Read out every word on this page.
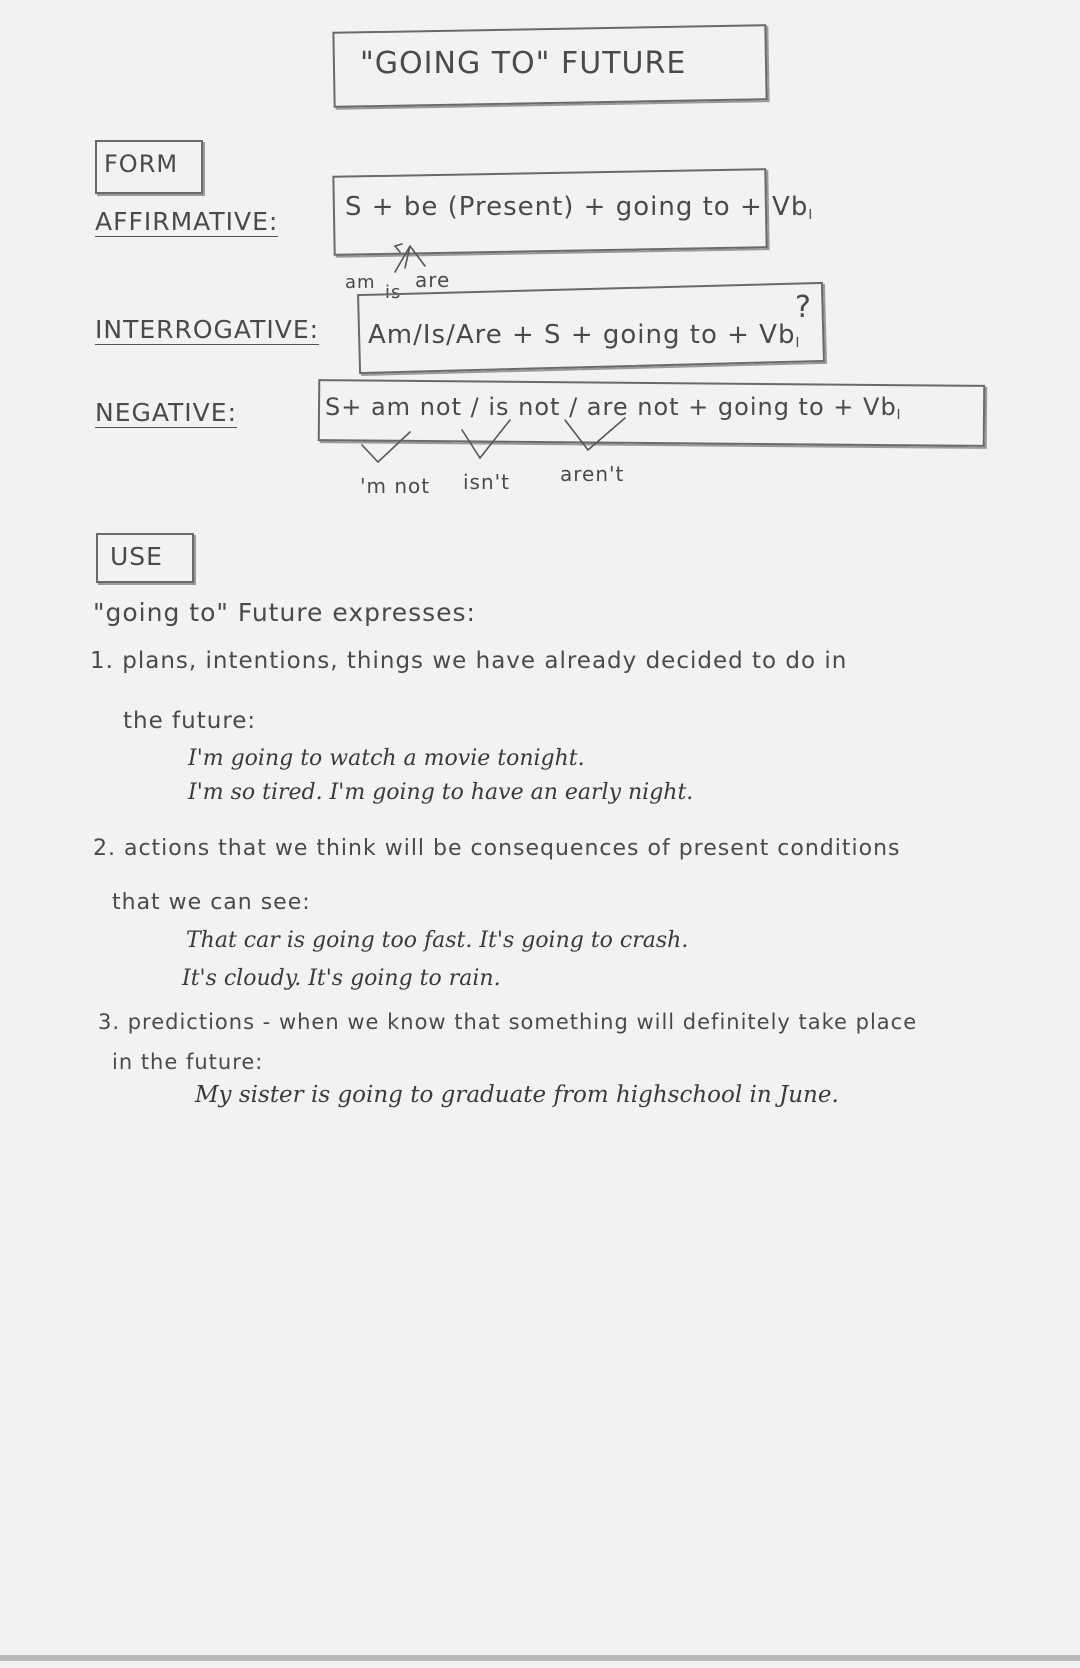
"GOING TO" FUTURE
FORM
AFFIRMATIVE:	S + be (Present) + going to + $Vb_I$
am is
are
INTERROGATIVE: Am/Is/Are + S + going to + $Vb_I$
?
NEGATIVE:	S+ am not / is not / are not + going to + $Vb_I$
'm not isn't	aren't
USE
"going to" Future expresses:
1. plans, intentions, things we have already decided to do in
the future:
I'm going to watch a movie tonight.
I'm so tired. I'm going to have an early night.
2. actions that we think will be consequences of present conditions
that we can see:
That car is going too fast. It's going to crash.
It's cloudy. It's going to rain.
3. predictions - when we know that something will definitely take place
in the future:
My sister is going to graduate from highschool in June.
